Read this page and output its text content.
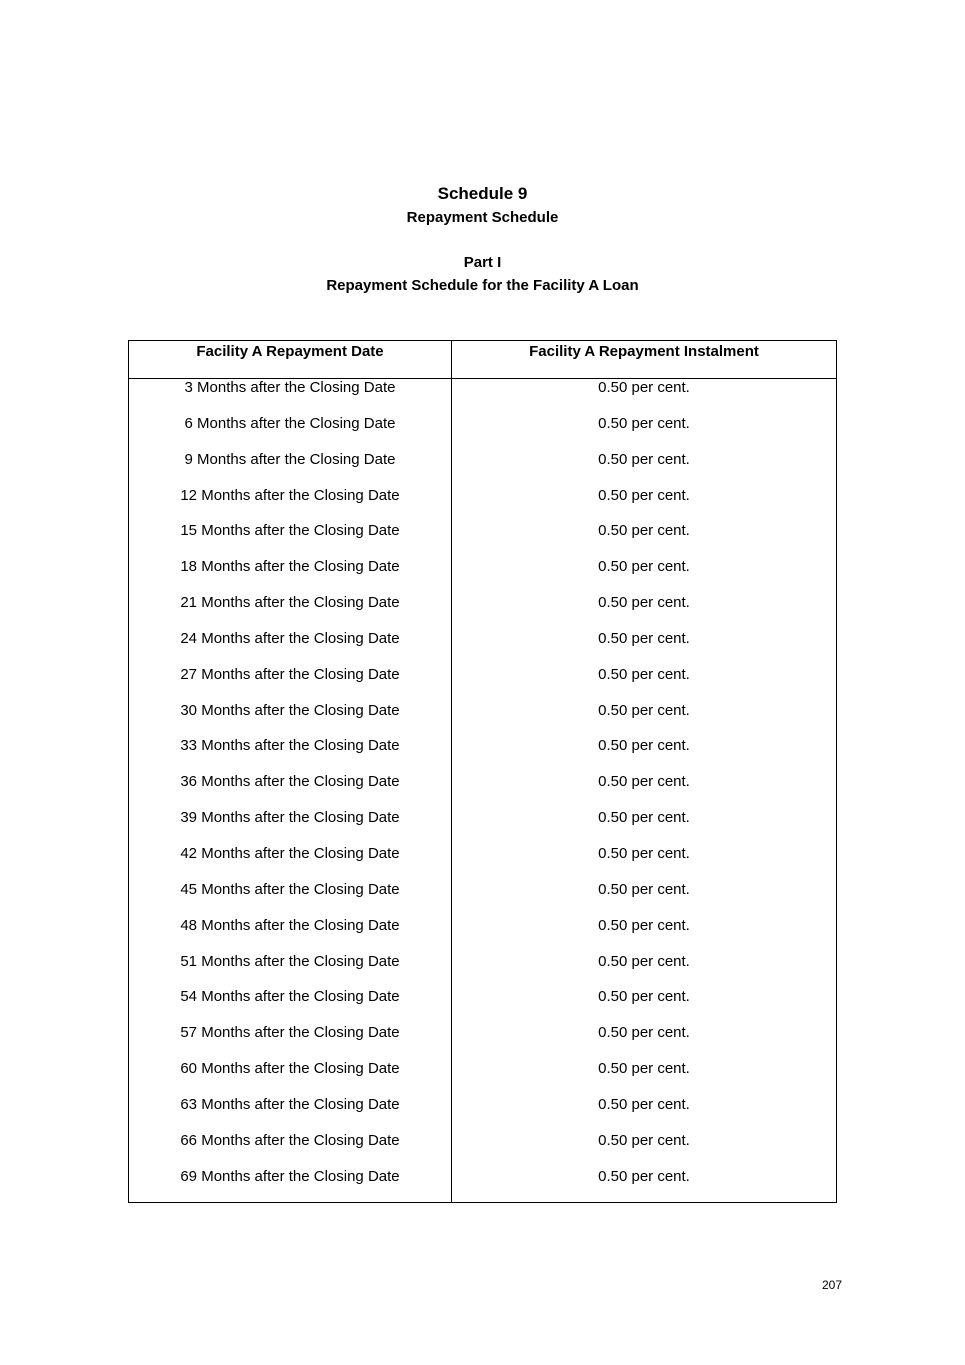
Schedule 9
Repayment Schedule
Part I
Repayment Schedule for the Facility A Loan
Facility A Repayment Date	Facility A Repayment Instalment
3 Months after the Closing Date	0.50 per cent.
6 Months after the Closing Date	0.50 per cent.
9 Months after the Closing Date	0.50 per cent.
12 Months after the Closing Date	0.50 per cent.
15 Months after the Closing Date	0.50 per cent.
18 Months after the Closing Date	0.50 per cent.
21 Months after the Closing Date	0.50 per cent.
24 Months after the Closing Date	0.50 per cent.
27 Months after the Closing Date	0.50 per cent.
30 Months after the Closing Date	0.50 per cent.
33 Months after the Closing Date	0.50 per cent.
36 Months after the Closing Date	0.50 per cent.
39 Months after the Closing Date	0.50 per cent.
42 Months after the Closing Date	0.50 per cent.
45 Months after the Closing Date	0.50 per cent.
48 Months after the Closing Date	0.50 per cent.
51 Months after the Closing Date	0.50 per cent.
54 Months after the Closing Date	0.50 per cent.
57 Months after the Closing Date	0.50 per cent.
60 Months after the Closing Date	0.50 per cent.
63 Months after the Closing Date	0.50 per cent.
66 Months after the Closing Date	0.50 per cent.
69 Months after the Closing Date	0.50 per cent.
207
